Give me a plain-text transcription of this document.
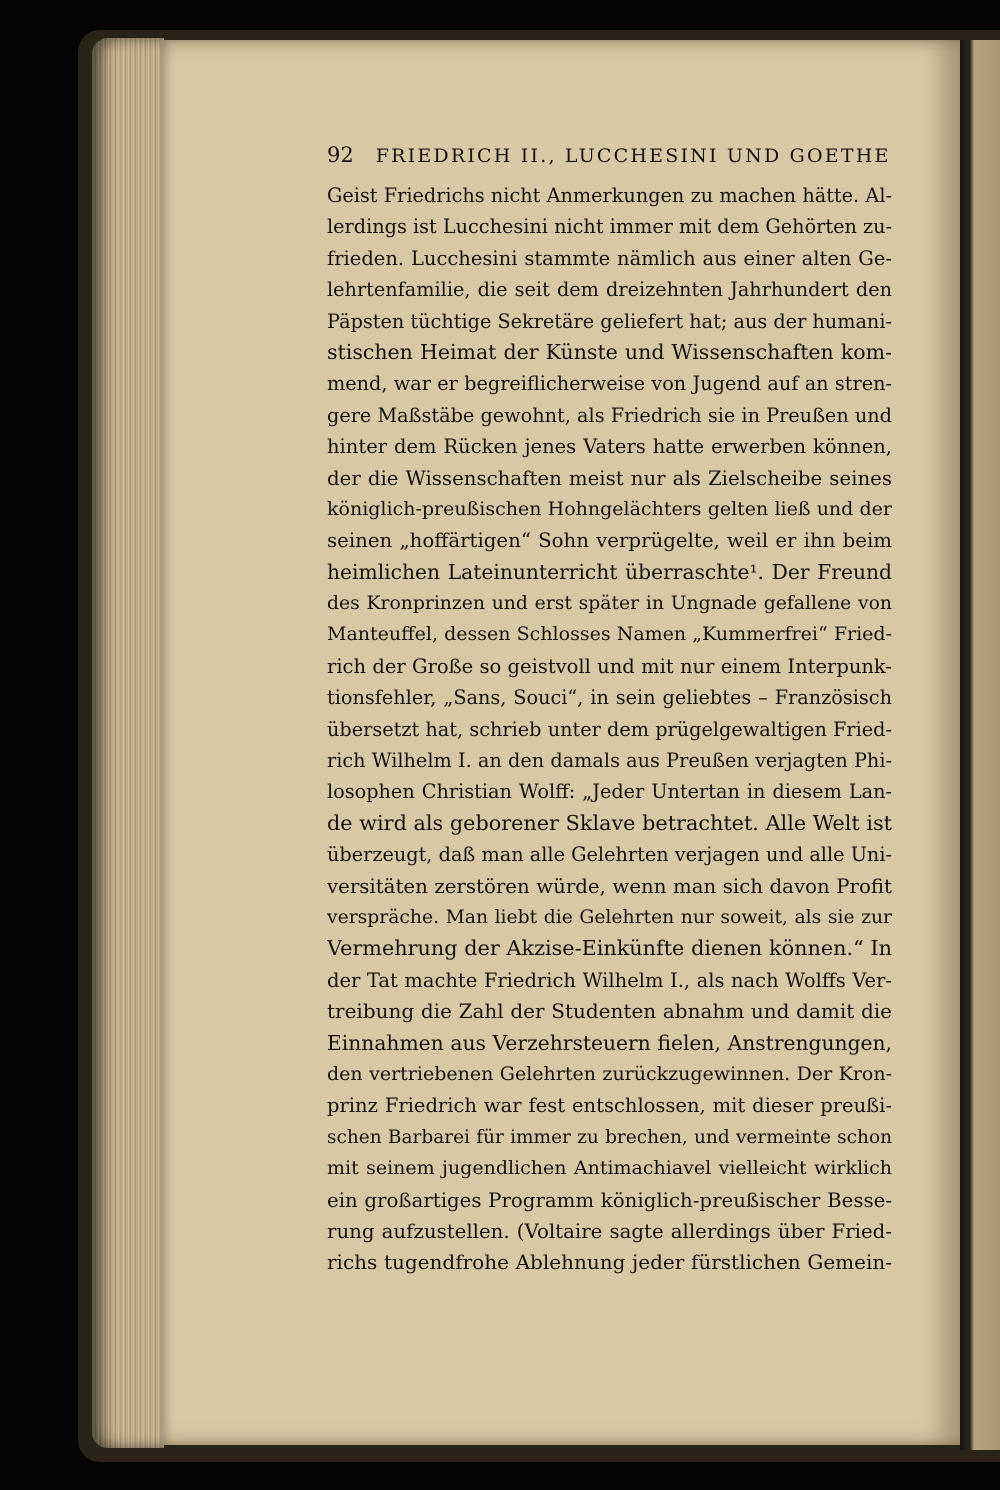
92 FRIEDRICH II., LUCCHESINI UND GOETHE
Geist Friedrichs nicht Anmerkungen zu machen hätte. Al-
lerdings ist Lucchesini nicht immer mit dem Gehörten zu-
frieden. Lucchesini stammte nämlich aus einer alten Ge-
lehrtenfamilie, die seit dem dreizehnten Jahrhundert den
Päpsten tüchtige Sekretäre geliefert hat; aus der humani-
stischen Heimat der Künste und Wissenschaften kom-
mend, war er begreiflicherweise von Jugend auf an stren-
gere Maßstäbe gewohnt, als Friedrich sie in Preußen und
hinter dem Rücken jenes Vaters hatte erwerben können,
der die Wissenschaften meist nur als Zielscheibe seines
königlich-preußischen Hohngelächters gelten ließ und der
seinen „hoffärtigen“ Sohn verprügelte, weil er ihn beim
heimlichen Lateinunterricht überraschte¹. Der Freund
des Kronprinzen und erst später in Ungnade gefallene von
Manteuffel, dessen Schlosses Namen „Kummerfrei“ Fried-
rich der Große so geistvoll und mit nur einem Interpunk-
tionsfehler, „Sans, Souci“, in sein geliebtes – Französisch
übersetzt hat, schrieb unter dem prügelgewaltigen Fried-
rich Wilhelm I. an den damals aus Preußen verjagten Phi-
losophen Christian Wolff: „Jeder Untertan in diesem Lan-
de wird als geborener Sklave betrachtet. Alle Welt ist
überzeugt, daß man alle Gelehrten verjagen und alle Uni-
versitäten zerstören würde, wenn man sich davon Profit
verspräche. Man liebt die Gelehrten nur soweit, als sie zur
Vermehrung der Akzise-Einkünfte dienen können.“ In
der Tat machte Friedrich Wilhelm I., als nach Wolffs Ver-
treibung die Zahl der Studenten abnahm und damit die
Einnahmen aus Verzehrsteuern fielen, Anstrengungen,
den vertriebenen Gelehrten zurückzugewinnen. Der Kron-
prinz Friedrich war fest entschlossen, mit dieser preußi-
schen Barbarei für immer zu brechen, und vermeinte schon
mit seinem jugendlichen Antimachiavel vielleicht wirklich
ein großartiges Programm königlich-preußischer Besse-
rung aufzustellen. (Voltaire sagte allerdings über Fried-
richs tugendfrohe Ablehnung jeder fürstlichen Gemein-
